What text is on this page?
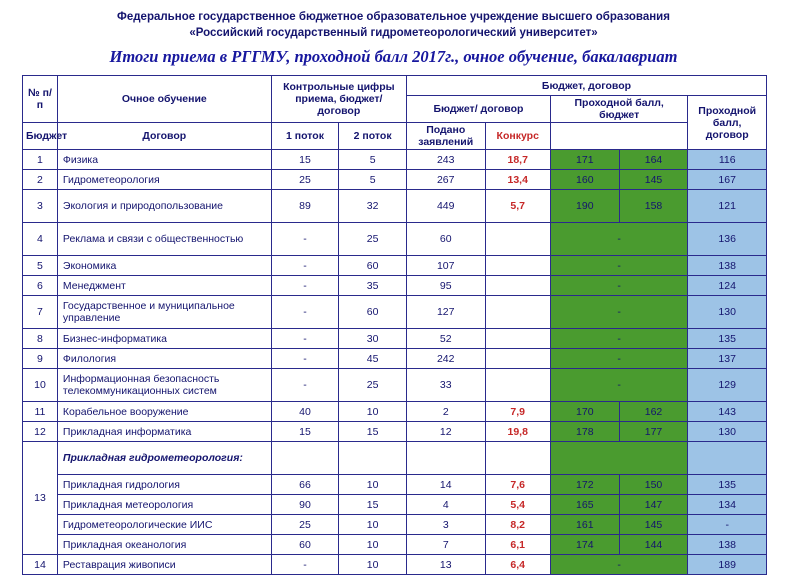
Федеральное государственное бюджетное образовательное учреждение высшего образования
«Российский государственный гидрометеорологический университет»
Итоги приема в РГГМУ, проходной балл 2017г., очное обучение, бакалавриат
№ п/п	Очное обучение	Контрольные цифры приема, бюджет/ договор		Бюджет, договор				
				Бюджет/ договор		Проходной балл, бюджет		Проходной балл, договор
		1 поток	2 поток					
Бюджет	Договор			Подано заявлений	Конкурс			
1	Физика	15	5	243	18,7	171	164	116
2	Гидрометеорология	25	5	267	13,4	160	145	167
3	Экология и природопользование	89	32	449	5,7	190	158	121
4	Реклама и связи с общественностью	-	25	60		-		136
5	Экономика	-	60	107		-		138
6	Менеджмент	-	35	95		-		124
7	Государственное и муниципальное управление	-	60	127		-		130
8	Бизнес-информатика	-	30	52		-		135
9	Филология	-	45	242		-		137
10	Информационная безопасность телекоммуникационных систем	-	25	33		-		129
11	Корабельное вооружение	40	10	2	7,9	170	162	143
12	Прикладная информатика	15	15	12	19,8	178	177	130
13	Прикладная гидрометеорология:							
	Прикладная гидрология	66	10	14	7,6	172	150	135
	Прикладная метеорология	90	15	4	5,4	165	147	134
	Гидрометеорологические ИИС	25	10	3	8,2	161	145	-
	Прикладная океанология	60	10	7	6,1	174	144	138
14	Реставрация живописи	-	10	13	6,4	-		189
